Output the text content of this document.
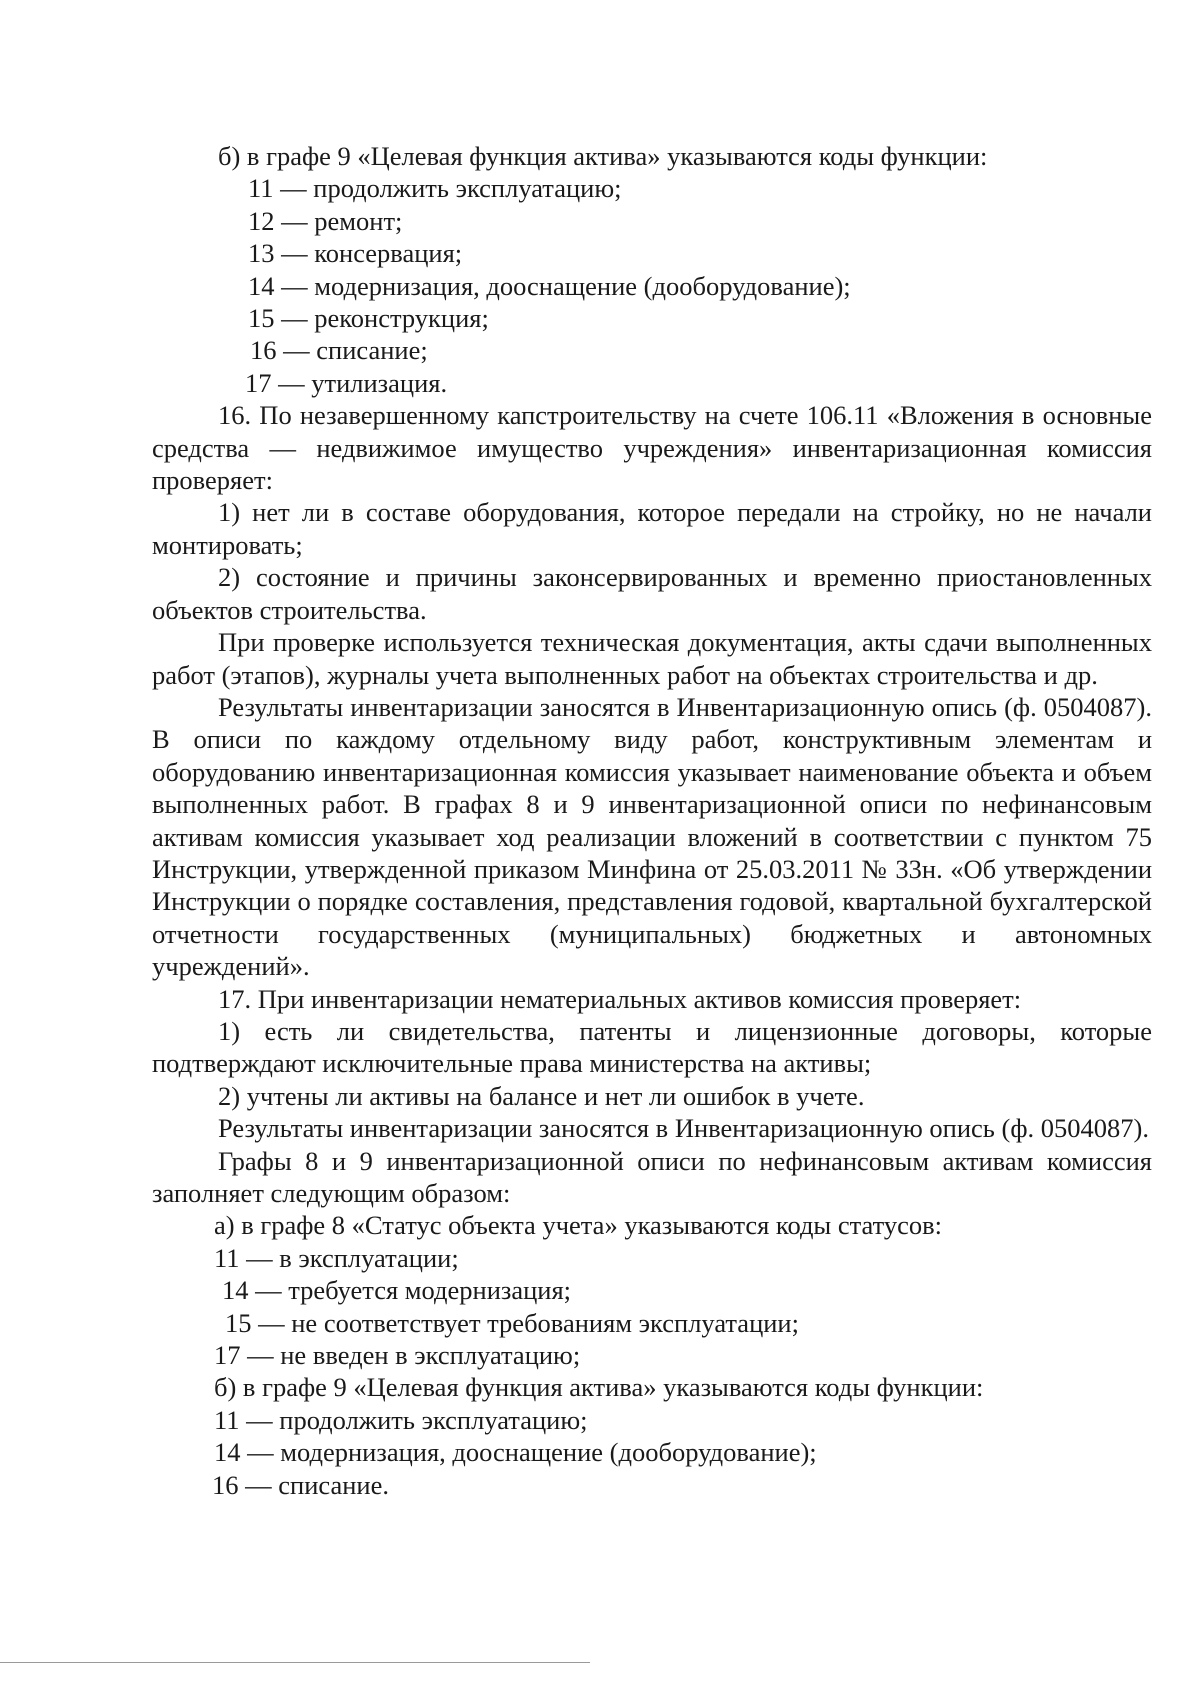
б) в графе 9 «Целевая функция актива» указываются коды функции:

11 — продолжить эксплуатацию;

12 — ремонт;

13 — консервация;

14 — модернизация, дооснащение (дооборудование);

15 — реконструкция;

16 — списание;

17 — утилизация.

16. По незавершенному капстроительству на счете 106.11 «Вложения в основные средства — недвижимое имущество учреждения» инвентаризационная комиссия проверяет:

1) нет ли в составе оборудования, которое передали на стройку, но не начали монтировать;

2) состояние и причины законсервированных и временно приостановленных объектов строительства.

При проверке используется техническая документация, акты сдачи выполненных работ (этапов), журналы учета выполненных работ на объектах строительства и др.

Результаты инвентаризации заносятся в Инвентаризационную опись (ф. 0504087). В описи по каждому отдельному виду работ, конструктивным элементам и оборудованию инвентаризационная комиссия указывает наименование объекта и объем выполненных работ. В графах 8 и 9 инвентаризационной описи по нефинансовым активам комиссия указывает ход реализации вложений в соответствии с пунктом 75 Инструкции, утвержденной приказом Минфина от 25.03.2011 № 33н. «Об утверждении Инструкции о порядке составления, представления годовой, квартальной бухгалтерской отчетности государственных (муниципальных) бюджетных и автономных учреждений».

17. При инвентаризации нематериальных активов комиссия проверяет:

1) есть ли свидетельства, патенты и лицензионные договоры, которые подтверждают исключительные права министерства на активы;

2) учтены ли активы на балансе и нет ли ошибок в учете.

Результаты инвентаризации заносятся в Инвентаризационную опись (ф. 0504087).

Графы 8 и 9 инвентаризационной описи по нефинансовым активам комиссия заполняет следующим образом:

а) в графе 8 «Статус объекта учета» указываются коды статусов:

11 — в эксплуатации;

14 — требуется модернизация;

15 — не соответствует требованиям эксплуатации;

17 — не введен в эксплуатацию;

б) в графе 9 «Целевая функция актива» указываются коды функции:

11 — продолжить эксплуатацию;

14 — модернизация, дооснащение (дооборудование);

16 — списание.
